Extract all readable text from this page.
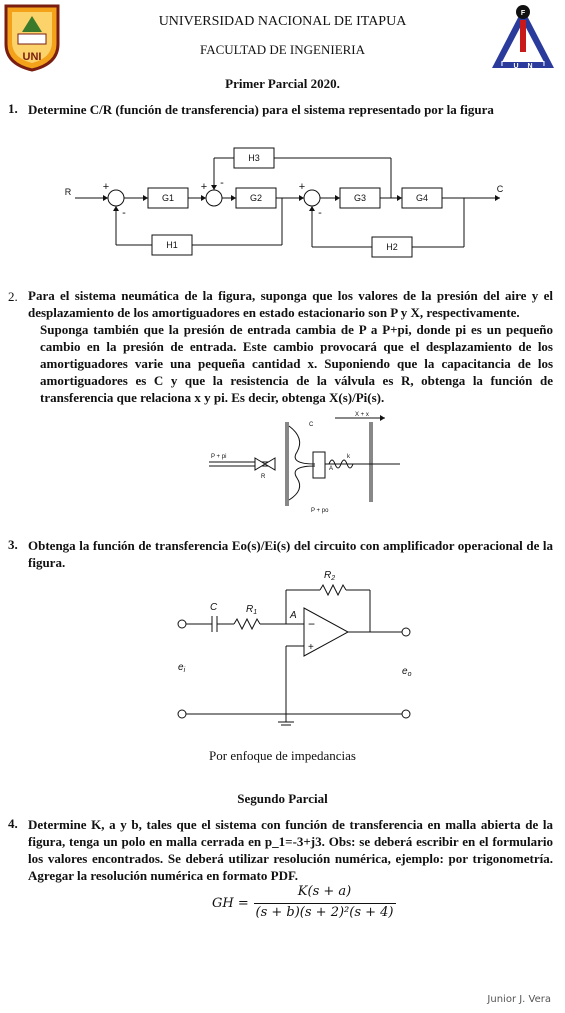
UNI
F
I U N I
UNIVERSIDAD NACIONAL DE ITAPUA
FACULTAD DE INGENIERIA
Primer Parcial 2020.
1. Determine C/R (función de transferencia) para el sistema representado por la figura
R	C
G1	G2	G3	G4
H1	H2
H3
+
-
+ -	+
-
2. Para el sistema neumática de la figura, suponga que los valores de la presión del aire y el desplazamiento de los amortiguadores en estado estacionario son P y X, respectivamente.
Suponga también que la presión de entrada cambia de P a P+pi, donde pi es un pequeño cambio en la presión de entrada. Este cambio provocará que el desplazamiento de los amortiguadores varie una pequeña cantidad x. Suponiendo que la capacitancia de los amortiguadores es C y que la resistencia de la válvula es R, obtenga la función de transferencia que relaciona x y pi. Es decir, obtenga X(s)/Pi(s).
P + pi
R
C
X + x
A
k
P + po
3. Obtenga la función de transferencia Eo(s)/Ei(s) del circuito con amplificador operacional de la figura.
C	$R_1$
$R_2$
A
$e_i$	$e_o$
−
+
Por enfoque de impedancias
Segundo Parcial
4. Determine K, a y b, tales que el sistema con función de transferencia en malla abierta de la figura, tenga un polo en malla cerrada en p_1=-3+j3. Obs: se deberá escribir en el formulario los valores encontrados. Se deberá utilizar resolución numérica, ejemplo: por trigonometría. Agregar la resolución numérica en formato PDF.
GH =
K(s + a)
(s + b)(s + 2)²(s + 4)
Junior J. Vera
